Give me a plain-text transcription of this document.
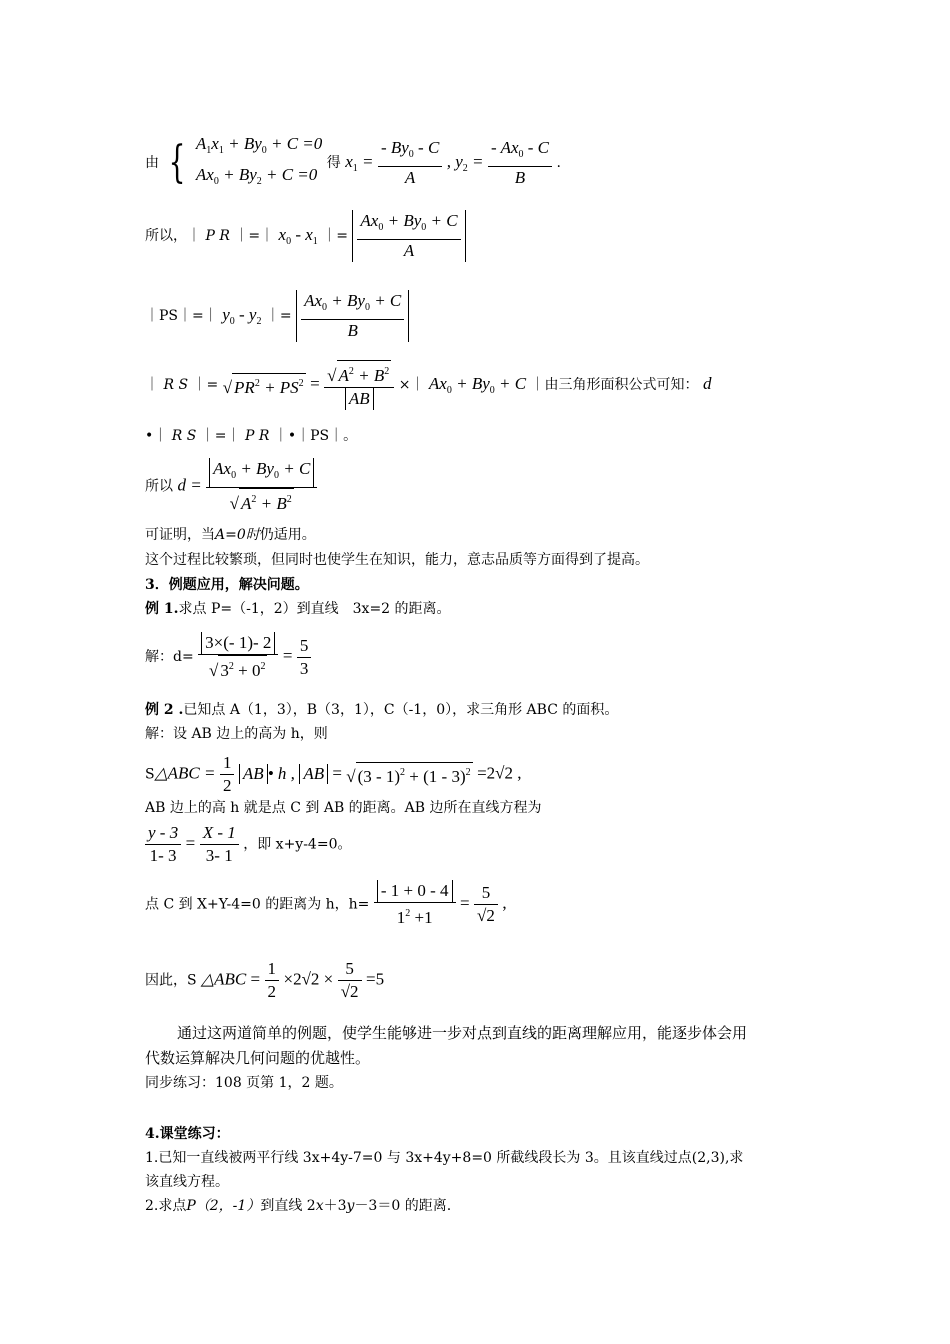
由 { $A_1x_1 + By_0 + C =0$
$Ax_0 + By_2 + C =0$
得 $x_1 = \frac{- By_0 - C}{A}$ , $y_2 = \frac{- Ax_0 - C}{B}$ .
所以，｜ P R ｜=｜ $x_0 - x_1$ ｜= $\frac{Ax_0 + By_0 + C}{A}$
｜PS｜=｜ $y_0 - y_2$ ｜= $\frac{Ax_0 + By_0 + C}{B}$
｜ R S ｜= √ $PR^2 + PS^2 = \frac{√ A^2 + B^2}{AB}$ ×｜ $Ax_0 + By_0 + C$ ｜由三角形面积公式可知： d
•｜ R S ｜=｜ P R ｜•｜PS｜。
所以 $d = \frac{Ax_0 + By_0 + C}{√ A^2 + B^2}$
可证明，当A=0时仍适用。
这个过程比较繁琐，但同时也使学生在知识，能力，意志品质等方面得到了提高。
3．例题应用，解决问题。
例 1.求点 P=（-1，2）到直线　3x=2 的距离。
解：$d= \frac{3\times(- 1)- 2}{√ 3^2 + 0^2} = \frac{5}{3}$
例 2 .已知点 A（1，3），B（3，1），C（-1，0），求三角形 ABC 的面积。
解：设 AB 边上的高为 h，则
S△ABC = $\frac{1}{2}$ AB • h , AB = √ (3 - 1)$^2$ + (1 - 3)$^2$ =2√2 ,
AB 边上的高 h 就是点 C 到 AB 的距离。AB 边所在直线方程为
$\frac{y - 3}{1- 3} = \frac{X - 1}{3- 1}$ ，即 x+y-4=0。
点 C 到 X+Y-4=0 的距离为 h，$h= \frac{- 1 + 0 - 4}{1^2 +1} = \frac{5}{√2}$ ,
因此，S △ABC = $\frac{1}{2} \times 2√2 \times \frac{5}{√2} =5$
通过这两道简单的例题，使学生能够进一步对点到直线的距离理解应用，能逐步体会用
代数运算解决几何问题的优越性。
同步练习：108 页第 1，2 题。
4.课堂练习：
1.已知一直线被两平行线 3x+4y-7=0 与 3x+4y+8=0 所截线段长为 3。且该直线过点(2,3),求
该直线方程。
2.求点P（2，-1）到直线 2x＋3y－3＝0 的距离.
